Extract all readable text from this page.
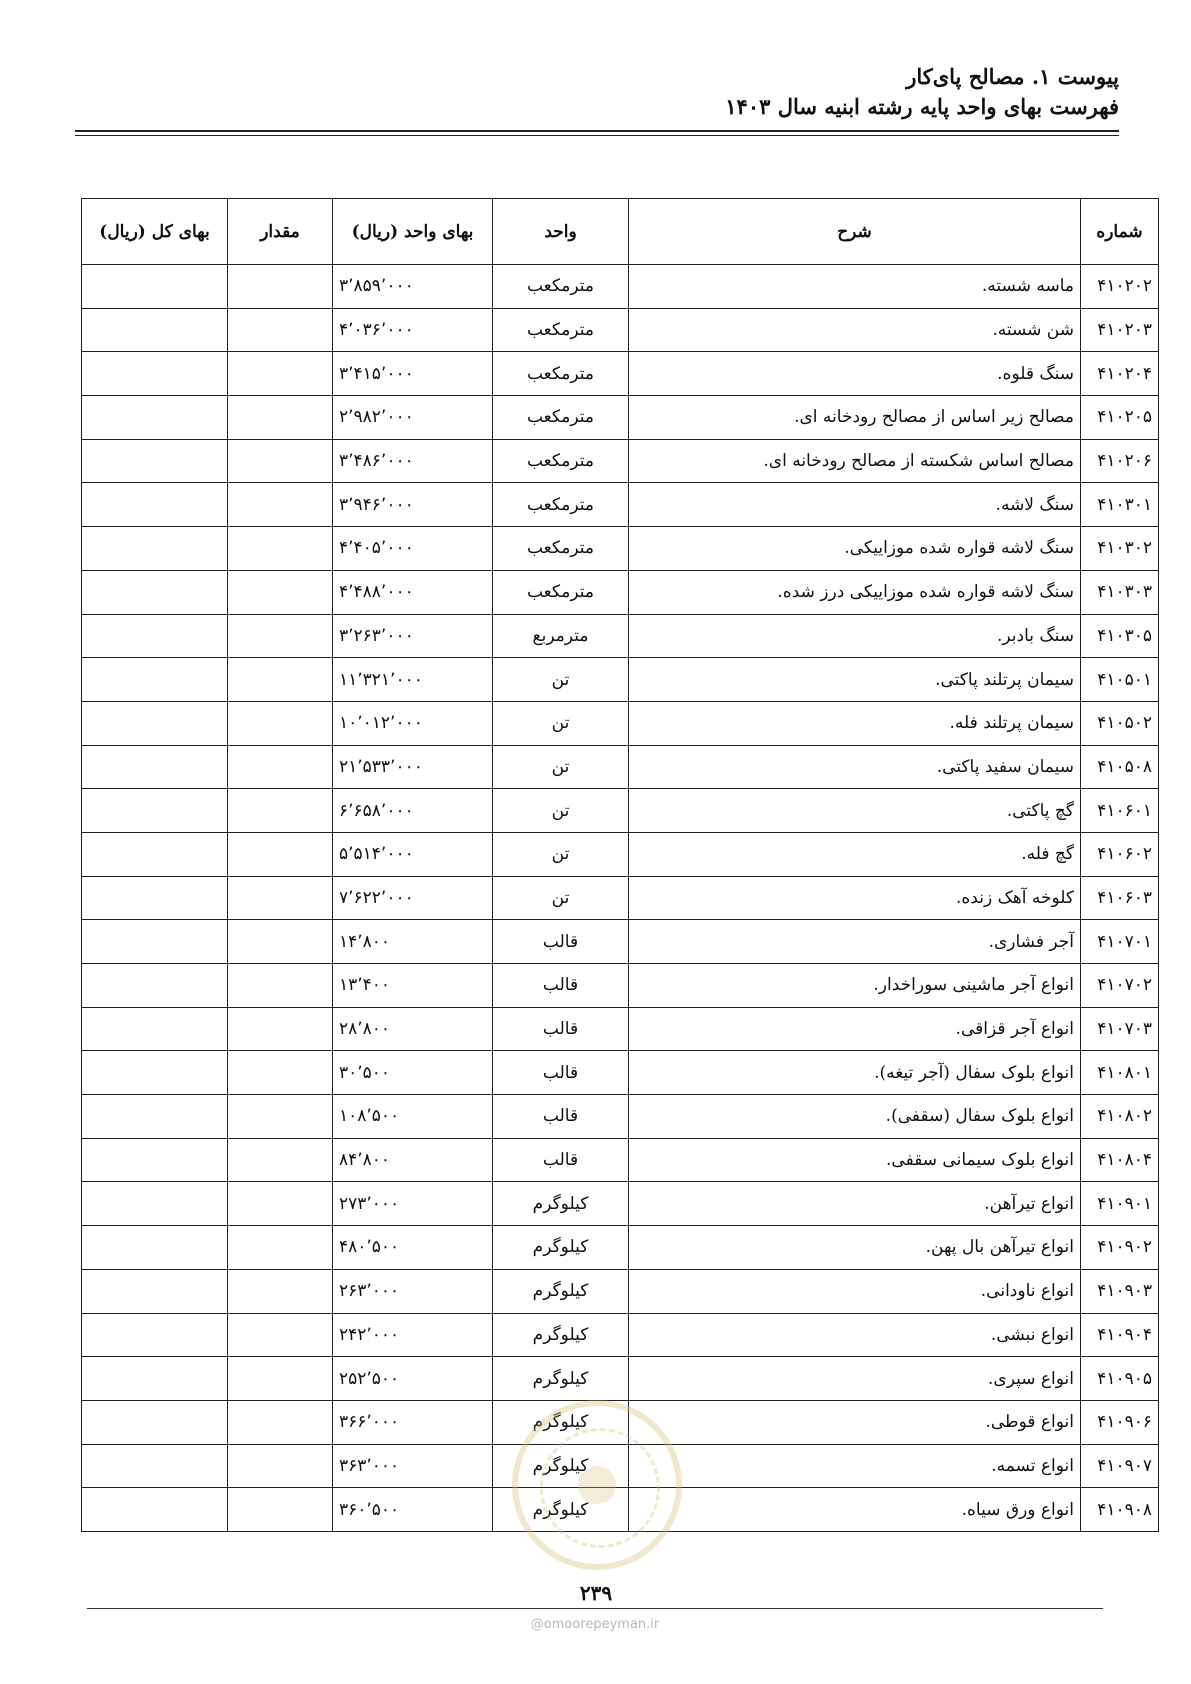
پیوست ۱. مصالح پای‌کار
فهرست بهای واحد پایه رشته ابنیه سال ۱۴۰۳
شماره	شرح	واحد	بهای واحد (ریال)	مقدار	بهای کل (ریال)
۴۱۰۲۰۲	ماسه شسته.	مترمکعب	۳٬۸۵۹٬۰۰۰		
۴۱۰۲۰۳	شن شسته.	مترمکعب	۴٬۰۳۶٬۰۰۰		
۴۱۰۲۰۴	سنگ قلوه.	مترمکعب	۳٬۴۱۵٬۰۰۰		
۴۱۰۲۰۵	مصالح زیر اساس از مصالح رودخانه ای.	مترمکعب	۲٬۹۸۲٬۰۰۰		
۴۱۰۲۰۶	مصالح اساس شکسته از مصالح رودخانه ای.	مترمکعب	۳٬۴۸۶٬۰۰۰		
۴۱۰۳۰۱	سنگ لاشه.	مترمکعب	۳٬۹۴۶٬۰۰۰		
۴۱۰۳۰۲	سنگ لاشه قواره شده موزاییکی.	مترمکعب	۴٬۴۰۵٬۰۰۰		
۴۱۰۳۰۳	سنگ لاشه قواره شده موزاییکی درز شده.	مترمکعب	۴٬۴۸۸٬۰۰۰		
۴۱۰۳۰۵	سنگ بادبر.	مترمربع	۳٬۲۶۳٬۰۰۰		
۴۱۰۵۰۱	سیمان پرتلند پاکتی.	تن	۱۱٬۳۲۱٬۰۰۰		
۴۱۰۵۰۲	سیمان پرتلند فله.	تن	۱۰٬۰۱۲٬۰۰۰		
۴۱۰۵۰۸	سیمان سفید پاکتی.	تن	۲۱٬۵۳۳٬۰۰۰		
۴۱۰۶۰۱	گچ پاکتی.	تن	۶٬۶۵۸٬۰۰۰		
۴۱۰۶۰۲	گچ فله.	تن	۵٬۵۱۴٬۰۰۰		
۴۱۰۶۰۳	کلوخه آهک زنده.	تن	۷٬۶۲۲٬۰۰۰		
۴۱۰۷۰۱	آجر فشاری.	قالب	۱۴٬۸۰۰		
۴۱۰۷۰۲	انواع آجر ماشینی سوراخدار.	قالب	۱۳٬۴۰۰		
۴۱۰۷۰۳	انواع آجر قزاقی.	قالب	۲۸٬۸۰۰		
۴۱۰۸۰۱	انواع بلوک سفال (آجر تیغه).	قالب	۳۰٬۵۰۰		
۴۱۰۸۰۲	انواع بلوک سفال (سقفی).	قالب	۱۰۸٬۵۰۰		
۴۱۰۸۰۴	انواع بلوک سیمانی سقفی.	قالب	۸۴٬۸۰۰		
۴۱۰۹۰۱	انواع تیرآهن.	کیلوگرم	۲۷۳٬۰۰۰		
۴۱۰۹۰۲	انواع تیرآهن بال پهن.	کیلوگرم	۴۸۰٬۵۰۰		
۴۱۰۹۰۳	انواع ناودانی.	کیلوگرم	۲۶۳٬۰۰۰		
۴۱۰۹۰۴	انواع نبشی.	کیلوگرم	۲۴۲٬۰۰۰		
۴۱۰۹۰۵	انواع سپری.	کیلوگرم	۲۵۲٬۵۰۰		
۴۱۰۹۰۶	انواع قوطی.	کیلوگرم	۳۶۶٬۰۰۰		
۴۱۰۹۰۷	انواع تسمه.	کیلوگرم	۳۶۳٬۰۰۰		
۴۱۰۹۰۸	انواع ورق سیاه.	کیلوگرم	۳۶۰٬۵۰۰		
۲۳۹
@omoorepeyman.ir
